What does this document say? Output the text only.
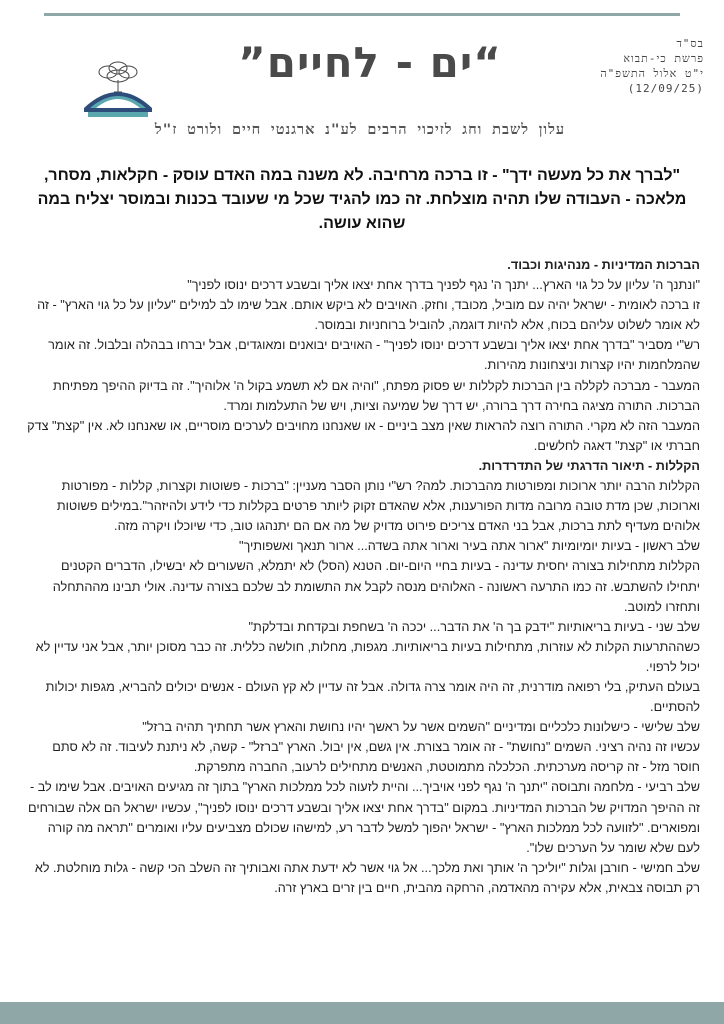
“ים - לחיים”	בס"ד
פרשת כי-תבוא
י"ט אלול התשפ"ה
(12/09/25)
עלון לשבת וחג לזיכוי הרבים לע"נ ארגנטי חיים ולורט ז"ל
"לברך את כל מעשה ידך" - זו ברכה מרחיבה. לא משנה במה האדם עוסק - חקלאות, מסחר, מלאכה - העבודה שלו תהיה מוצלחת. זה כמו להגיד שכל מי שעובד בכנות ובמוסר יצליח במה שהוא עושה.

הברכות המדיניות - מנהיגות וכבוד.

"ונתנך ה' עליון על כל גוי הארץ... יתנך ה' נגף לפניך בדרך אחת יצאו אליך ובשבע דרכים ינוסו לפניך"

זו ברכה לאומית - ישראל יהיה עם מוביל, מכובד, וחזק. האויבים לא ביקש אותם. אבל שימו לב למילים "עליון על כל גוי הארץ" - זה לא אומר לשלוט עליהם בכוח, אלא להיות דוגמה, להוביל ברוחניות ובמוסר.

רש"י מסביר "בדרך אחת יצאו אליך ובשבע דרכים ינוסו לפניך" - האויבים יבואנים ומאוגדים, אבל יברחו בבהלה ובלבול. זה אומר שהמלחמות יהיו קצרות וניצחונות מהירות.

המעבר - מברכה לקללה בין הברכות לקללות יש פסוק מפתח, "והיה אם לא תשמע בקול ה' אלוהיך". זה בדיוק ההיפך מפתיחת הברכות. התורה מציגה בחירה דרך ברורה, יש דרך של שמיעה וציות, ויש של התעלמות ומרד.

המעבר הזה לא מקרי. התורה רוצה להראות שאין מצב ביניים - או שאנחנו מחויבים לערכים מוסריים, או שאנחנו לא. אין "קצת" צדק חברתי או "קצת" דאגה לחלשים.

הקללות - תיאור הדרגתי של התדרדרות.

הקללות הרבה יותר ארוכות ומפורטות מהברכות. למה? רש"י נותן הסבר מעניין: "ברכות - פשוטות וקצרות, קללות - מפורטות וארוכות, שכן מדת טובה מרובה מדות הפורענות, אלא שהאדם זקוק ליותר פרטים בקללות כדי לידע ולהיזהר".במילים פשוטות אלוהים מעדיף לתת ברכות, אבל בני האדם צריכים פירוט מדויק של מה אם הם יתנהגו טוב, כדי שיוכלו ויקרה מזה.

שלב ראשון - בעיות יומיומיות "ארור אתה בעיר וארור אתה בשדה... ארור תנאך ואשפותיך"

הקללות מתחילות בצורה יחסית עדינה - בעיות בחיי היום-יום. הטנא (הסל) לא יתמלא, השעורים לא יבשילו, הדברים הקטנים יתחילו להשתבש. זה כמו התרעה ראשונה - האלוהים מנסה לקבל את התשומת לב שלכם בצורה עדינה. אולי תבינו מההתחלה ותחזרו למוטב.

שלב שני - בעיות בריאותיות "ידבק בך ה' את הדבר... יככה ה' בשחפת ובקדחת ובדלקת"

כשההתרעות הקלות לא עוזרות, מתחילות בעיות בריאותיות. מגפות, מחלות, חולשה כללית. זה כבר מסוכן יותר, אבל אני עדיין לא יכול לרפוי.

בעולם העתיק, בלי רפואה מודרנית, זה היה אומר צרה גדולה. אבל זה עדיין לא קץ העולם - אנשים יכולים להבריא, מגפות יכולות להסתיים.

שלב שלישי - כישלונות כלכליים ומדיניים "השמים אשר על ראשך יהיו נחושת והארץ אשר תחתיך תהיה ברזל"

עכשיו זה נהיה רציני. השמים "נחושת" - זה אומר בצורת. אין גשם, אין יבול. הארץ "ברזל" - קשה, לא ניתנת לעיבוד. זה לא סתם חוסר מזל - זה קריסה מערכתית. הכלכלה מתמוטטת, האנשים מתחילים לרעוב, החברה מתפרקת.

שלב רביעי - מלחמה ותבוסה "יתנך ה' נגף לפני אויביך... והיית לזעוה לכל ממלכות הארץ" בתוך זה מגיעים האויבים. אבל שימו לב - זה ההיפך המדויק של הברכות המדיניות. במקום "בדרך אחת יצאו אליך ובשבע דרכים ינוסו לפניך", עכשיו ישראל הם אלה שבורחים ומפוארים. "לזוועה לכל ממלכות הארץ" - ישראל יהפוך למשל לדבר רע, למישהו שכולם מצביעים עליו ואומרים "תראה מה קורה לעם שלא שומר על הערכים שלו".

שלב חמישי - חורבן וגלות "יוליכך ה' אותך ואת מלכך... אל גוי אשר לא ידעת אתה ואבותיך זה השלב הכי קשה - גלות מוחלטת. לא רק תבוסה צבאית, אלא עקירה מהאדמה, הרחקה מהבית, חיים בין זרים בארץ זרה.
